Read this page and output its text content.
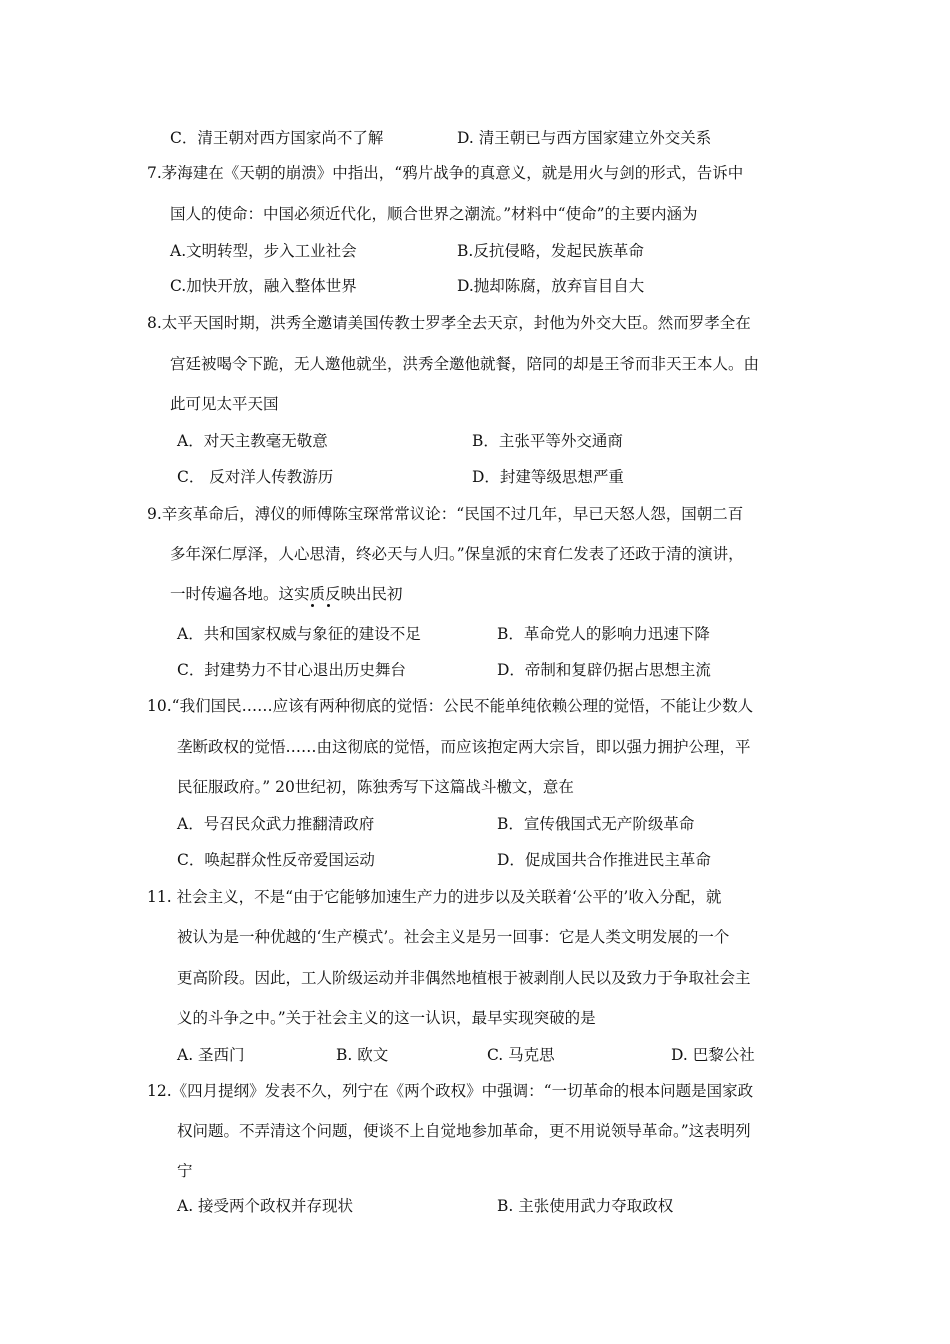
C．清王朝对西方国家尚不了解	D. 清王朝已与西方国家建立外交关系
7.茅海建在《天朝的崩溃》中指出，“鸦片战争的真意义，就是用火与剑的形式，告诉中
国人的使命：中国必须近代化，顺合世界之潮流。”材料中“使命”的主要内涵为
A.文明转型，步入工业社会	B.反抗侵略，发起民族革命
C.加快开放，融入整体世界	D.抛却陈腐，放弃盲目自大
8.太平天国时期，洪秀全邀请美国传教士罗孝全去天京，封他为外交大臣。然而罗孝全在
宫廷被喝令下跪，无人邀他就坐，洪秀全邀他就餐，陪同的却是王爷而非天王本人。由
此可见太平天国
A．对天主教毫无敬意	B．主张平等外交通商
C． 反对洋人传教游历	D．封建等级思想严重
9.辛亥革命后，溥仪的师傅陈宝琛常常议论：“民国不过几年，早已天怒人怨，国朝二百
多年深仁厚泽，人心思清，终必天与人归。”保皇派的宋育仁发表了还政于清的演讲，
一时传遍各地。这实质反映出民初
A．共和国家权威与象征的建设不足	B．革命党人的影响力迅速下降
C．封建势力不甘心退出历史舞台	D．帝制和复辟仍据占思想主流
10.“我们国民……应该有两种彻底的觉悟：公民不能单纯依赖公理的觉悟，不能让少数人
垄断政权的觉悟……由这彻底的觉悟，而应该抱定两大宗旨，即以强力拥护公理，平
民征服政府。” 20世纪初，陈独秀写下这篇战斗檄文，意在
A．号召民众武力推翻清政府	B．宣传俄国式无产阶级革命
C．唤起群众性反帝爱国运动	D．促成国共合作推进民主革命
11. 社会主义，不是“由于它能够加速生产力的进步以及关联着‘公平的’收入分配，就
被认为是一种优越的‘生产模式’。社会主义是另一回事：它是人类文明发展的一个
更高阶段。因此，工人阶级运动并非偶然地植根于被剥削人民以及致力于争取社会主
义的斗争之中。”关于社会主义的这一认识，最早实现突破的是
A. 圣西门	B. 欧文	C. 马克思	D. 巴黎公社
12.《四月提纲》发表不久，列宁在《两个政权》中强调：“一切革命的根本问题是国家政
权问题。不弄清这个问题，便谈不上自觉地参加革命，更不用说领导革命。”这表明列
宁
A. 接受两个政权并存现状	B. 主张使用武力夺取政权
